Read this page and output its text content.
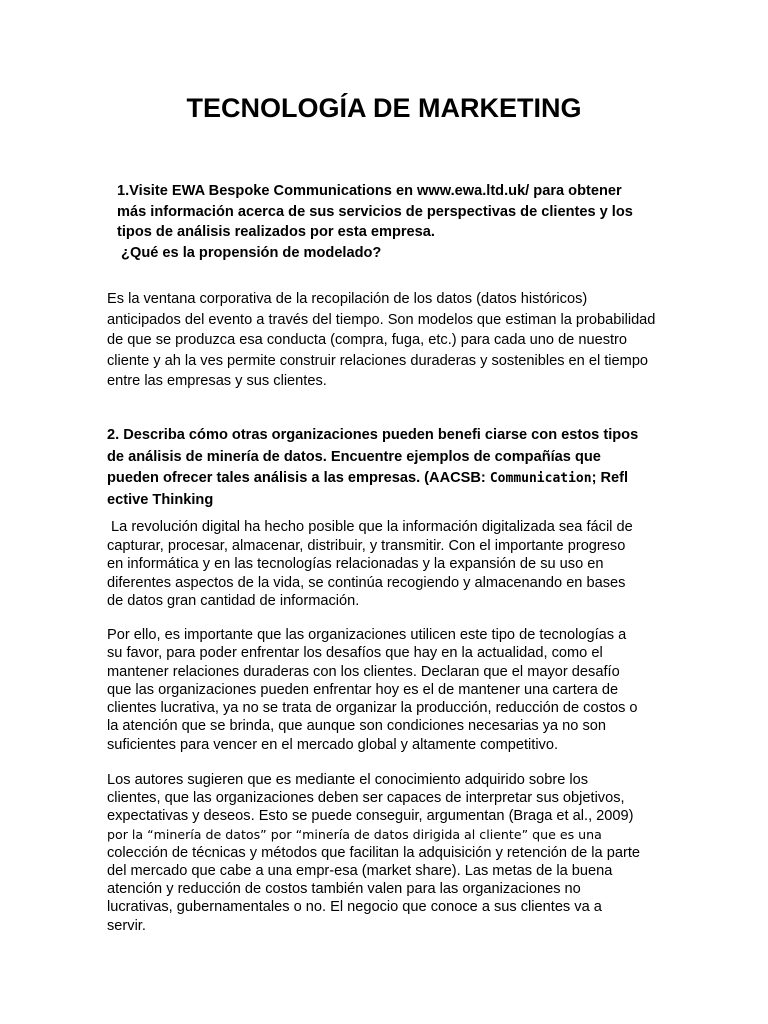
TECNOLOGÍA DE MARKETING
1.Visite EWA Bespoke Communications en www.ewa.ltd.uk/ para obtener
más información acerca de sus servicios de perspectivas de clientes y los
tipos de análisis realizados por esta empresa.
¿Qué es la propensión de modelado?
Es la ventana corporativa de la recopilación de los datos (datos históricos)
anticipados del evento a través del tiempo. Son modelos que estiman la probabilidad
de que se produzca esa conducta (compra, fuga, etc.) para cada uno de nuestro
cliente y ah la ves permite construir relaciones duraderas y sostenibles en el tiempo
entre las empresas y sus clientes.
2. Describa cómo otras organizaciones pueden benefi ciarse con estos tipos
de análisis de minería de datos. Encuentre ejemplos de compañías que
pueden ofrecer tales análisis a las empresas. (AACSB: Communication; Refl
ective Thinking
La revolución digital ha hecho posible que la información digitalizada sea fácil de
capturar, procesar, almacenar, distribuir, y transmitir. Con el importante progreso
en informática y en las tecnologías relacionadas y la expansión de su uso en
diferentes aspectos de la vida, se continúa recogiendo y almacenando en bases
de datos gran cantidad de información.
Por ello, es importante que las organizaciones utilicen este tipo de tecnologías a
su favor, para poder enfrentar los desafíos que hay en la actualidad, como el
mantener relaciones duraderas con los clientes. Declaran que el mayor desafío
que las organizaciones pueden enfrentar hoy es el de mantener una cartera de
clientes lucrativa, ya no se trata de organizar la producción, reducción de costos o
la atención que se brinda, que aunque son condiciones necesarias ya no son
suficientes para vencer en el mercado global y altamente competitivo.
Los autores sugieren que es mediante el conocimiento adquirido sobre los
clientes, que las organizaciones deben ser capaces de interpretar sus objetivos,
expectativas y deseos. Esto se puede conseguir, argumentan (Braga et al., 2009)
por la “minería de datos” por “minería de datos dirigida al cliente” que es una
colección de técnicas y métodos que facilitan la adquisición y retención de la parte
del mercado que cabe a una empr-esa (market share). Las metas de la buena
atención y reducción de costos también valen para las organizaciones no
lucrativas, gubernamentales o no. El negocio que conoce a sus clientes va a
servir.
